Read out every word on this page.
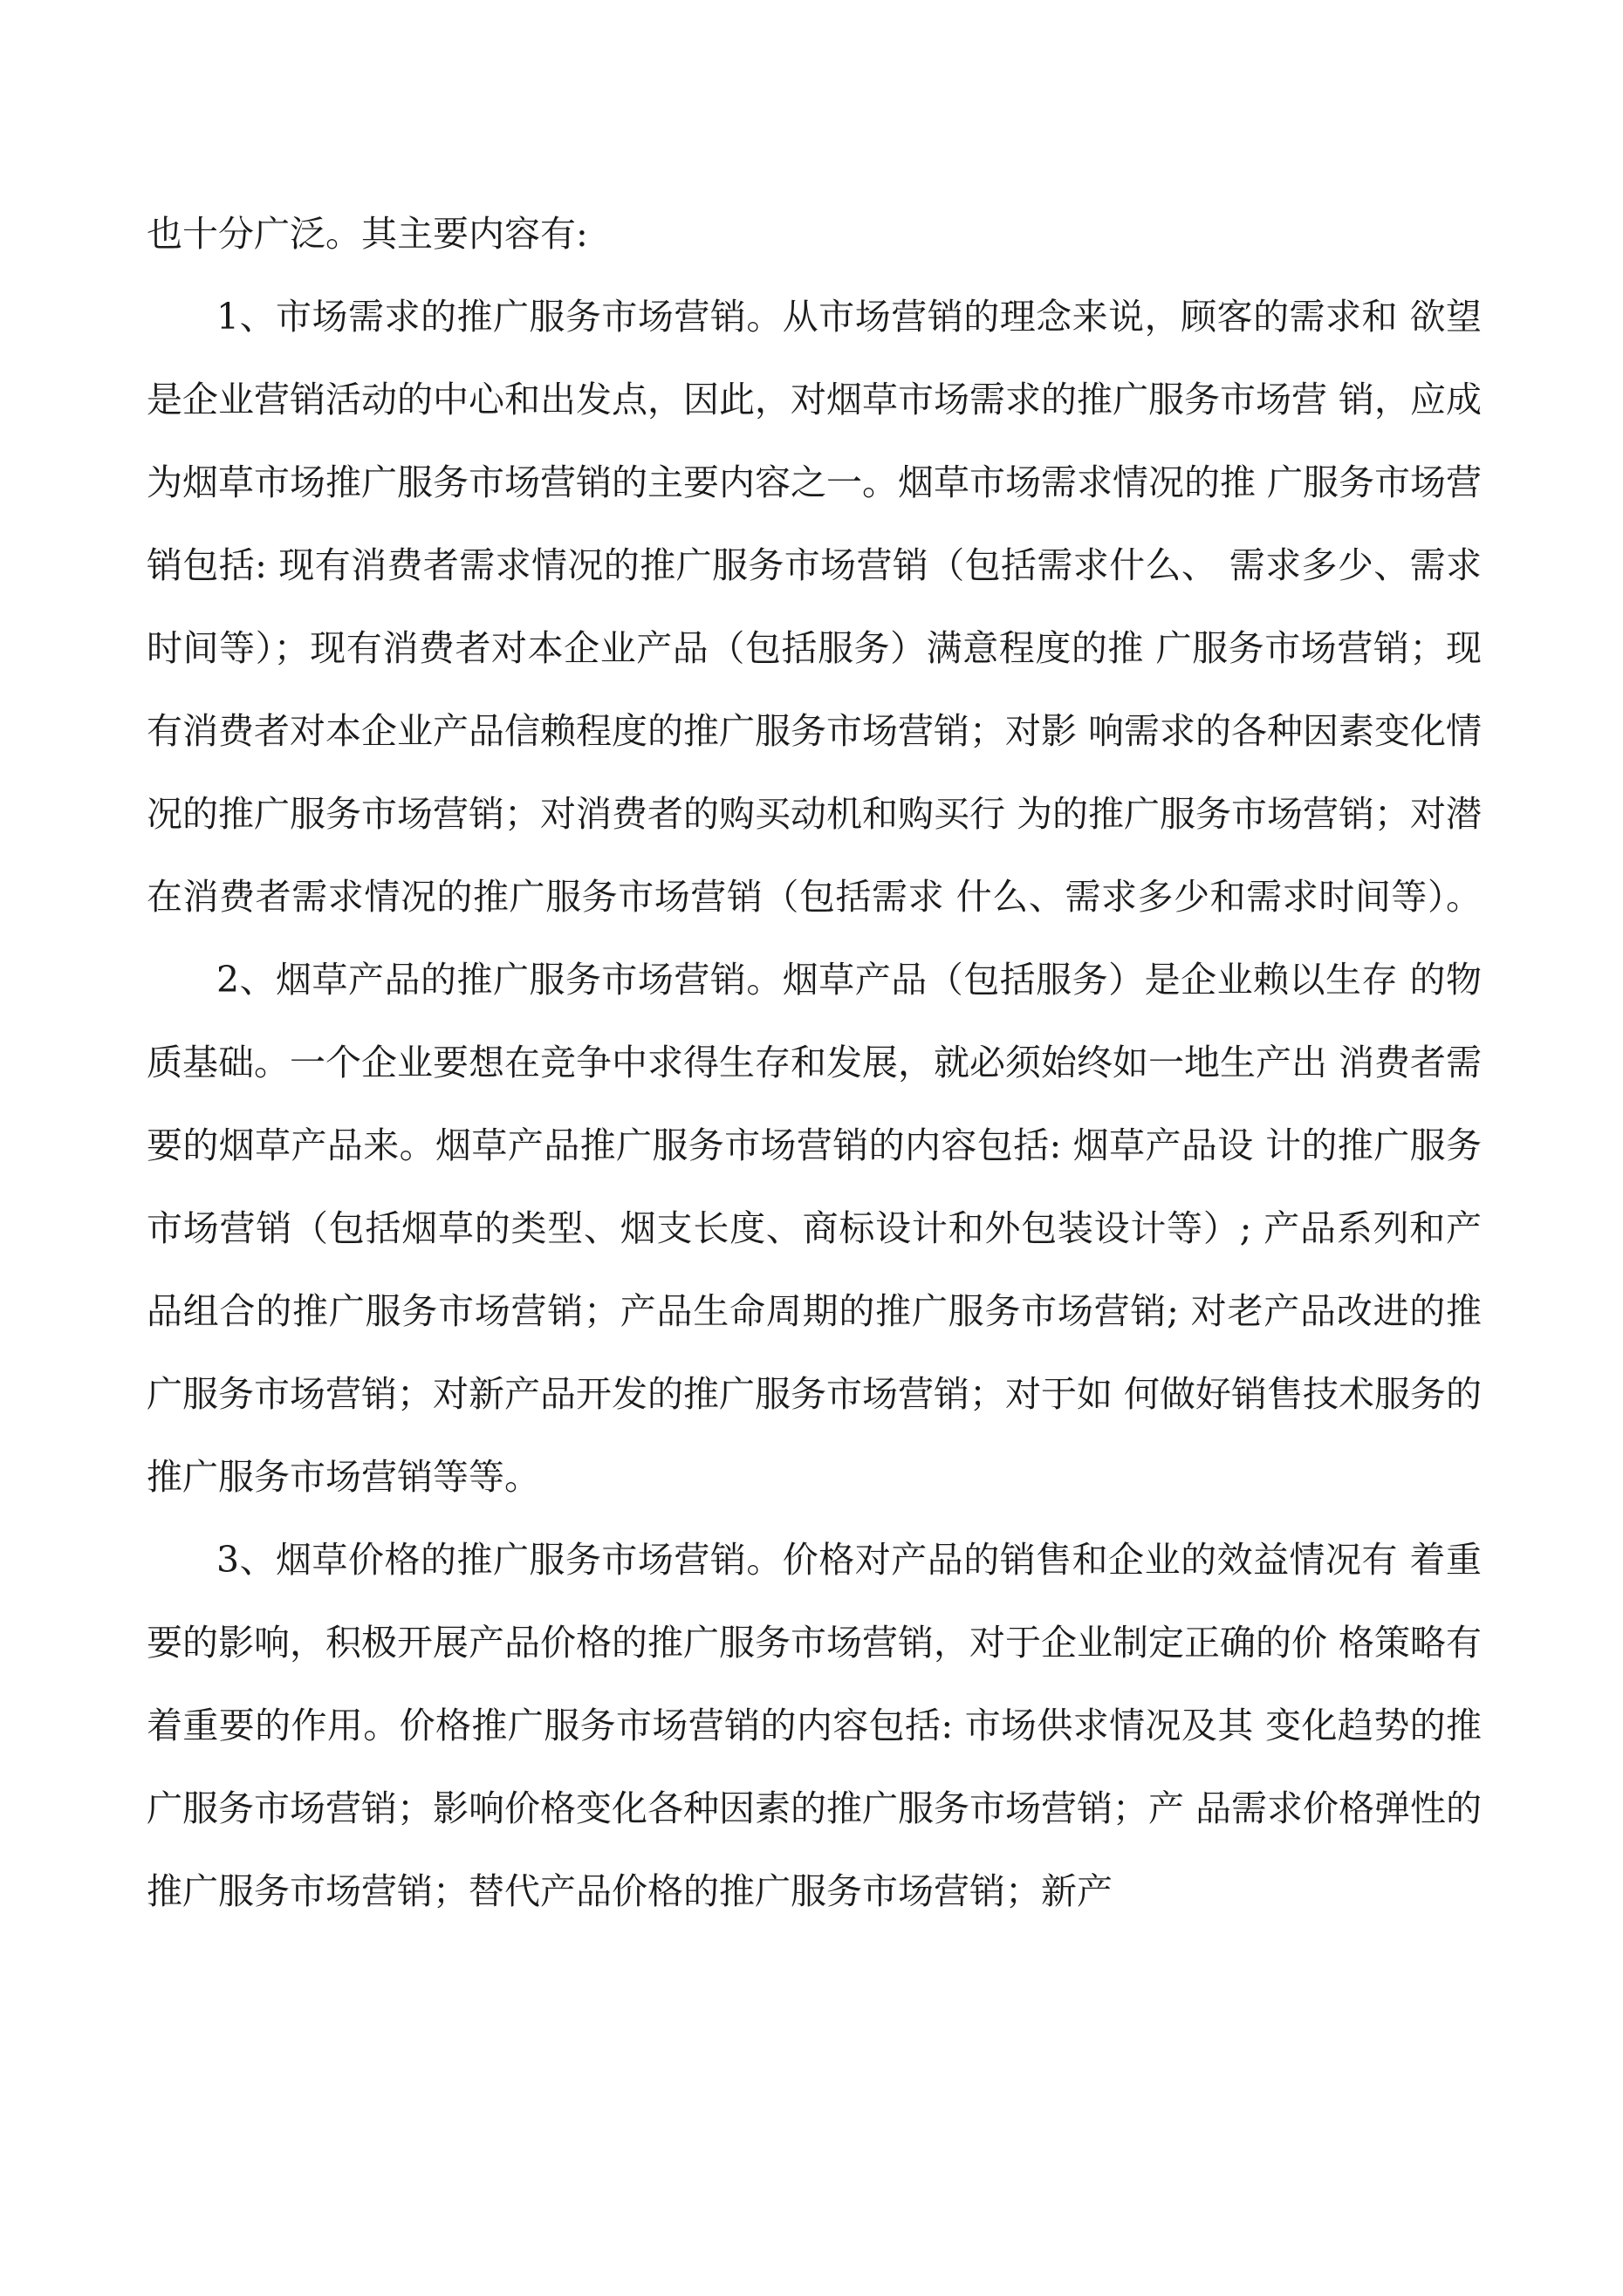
也十分广泛。其主要内容有:

1、市场需求的推广服务市场营销。从市场营销的理念来说，顾客的需求和 欲望

是企业营销活动的中心和出发点，因此，对烟草市场需求的推广服务市场营 销，应成

为烟草市场推广服务市场营销的主要内容之一。烟草市场需求情况的推 广服务市场营

销包括: 现有消费者需求情况的推广服务市场营销（包括需求什么、 需求多少、需求

时间等）；现有消费者对本企业产品（包括服务）满意程度的推 广服务市场营销；现

有消费者对本企业产品信赖程度的推广服务市场营销；对影 响需求的各种因素变化情

况的推广服务市场营销；对消费者的购买动机和购买行 为的推广服务市场营销；对潜

在消费者需求情况的推广服务市场营销（包括需求 什么、需求多少和需求时间等）。

2、烟草产品的推广服务市场营销。烟草产品（包括服务）是企业赖以生存 的物

质基础。一个企业要想在竞争中求得生存和发展，就必须始终如一地生产出 消费者需

要的烟草产品来。烟草产品推广服务市场营销的内容包括: 烟草产品设 计的推广服务

市场营销（包括烟草的类型、烟支长度、商标设计和外包装设计等）; 产品系列和产

品组合的推广服务市场营销；产品生命周期的推广服务市场营销; 对老产品改进的推

广服务市场营销；对新产品开发的推广服务市场营销；对于如 何做好销售技术服务的

推广服务市场营销等等。

3、烟草价格的推广服务市场营销。价格对产品的销售和企业的效益情况有 着重

要的影响，积极开展产品价格的推广服务市场营销，对于企业制定正确的价 格策略有

着重要的作用。价格推广服务市场营销的内容包括: 市场供求情况及其 变化趋势的推

广服务市场营销；影响价格变化各种因素的推广服务市场营销；产 品需求价格弹性的

推广服务市场营销；替代产品价格的推广服务市场营销；新产
